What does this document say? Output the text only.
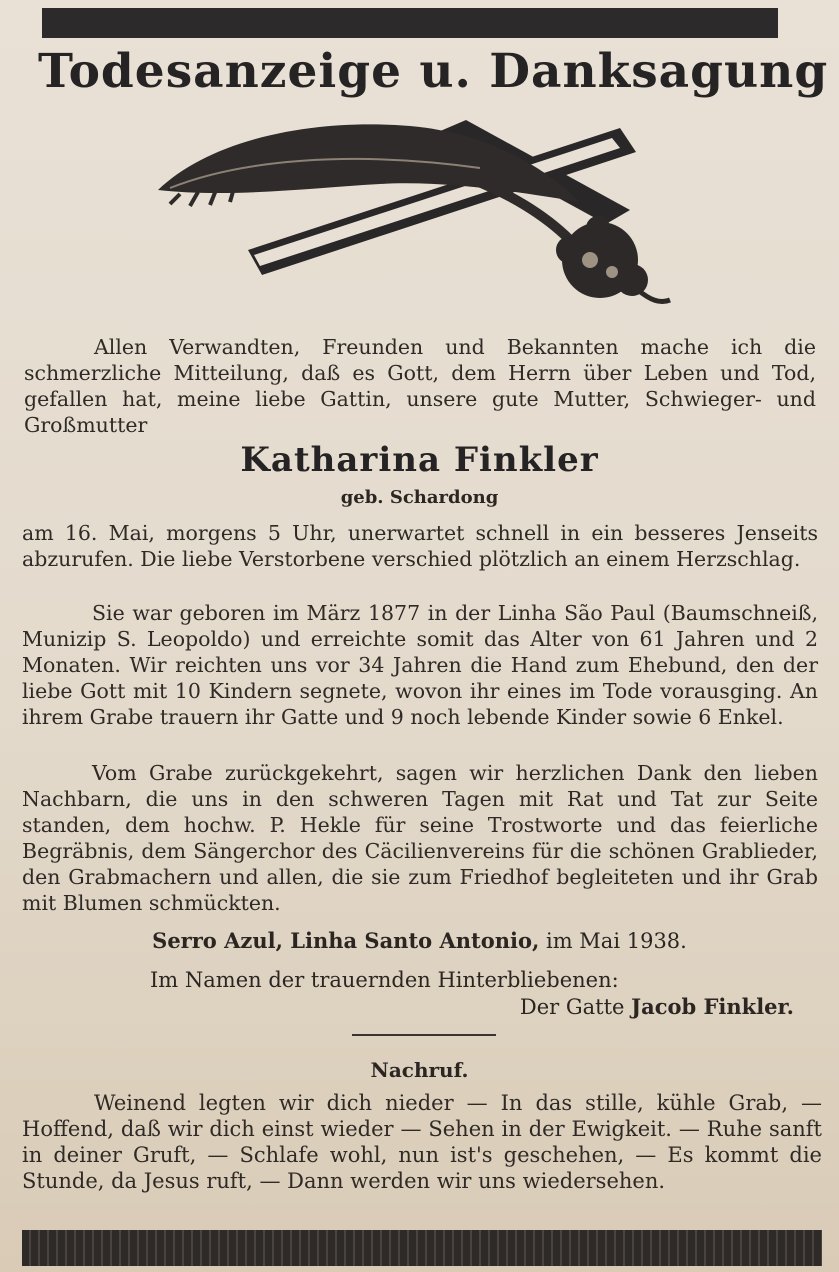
Todesanzeige u. Danksagung
Allen Verwandten, Freunden und Bekannten mache ich die schmerzliche Mitteilung, daß es Gott, dem Herrn über Leben und Tod, gefallen hat, meine liebe Gattin, unsere gute Mutter, Schwieger- und Großmutter
Katharina Finkler
geb. Schardong
am 16. Mai, morgens 5 Uhr, unerwartet schnell in ein besseres Jenseits abzurufen. Die liebe Verstorbene verschied plötzlich an einem Herzschlag.
Sie war geboren im März 1877 in der Linha São Paul (Baumschneiß, Munizip S. Leopoldo) und erreichte somit das Alter von 61 Jahren und 2 Monaten. Wir reichten uns vor 34 Jahren die Hand zum Ehebund, den der liebe Gott mit 10 Kindern segnete, wovon ihr eines im Tode vorausging. An ihrem Grabe trauern ihr Gatte und 9 noch lebende Kinder sowie 6 Enkel.
Vom Grabe zurückgekehrt, sagen wir herzlichen Dank den lieben Nachbarn, die uns in den schweren Tagen mit Rat und Tat zur Seite standen, dem hochw. P. Hekle für seine Trostworte und das feierliche Begräbnis, dem Sängerchor des Cäcilienvereins für die schönen Grablieder, den Grabmachern und allen, die sie zum Friedhof begleiteten und ihr Grab mit Blumen schmückten.
Serro Azul, Linha Santo Antonio, im Mai 1938.
Im Namen der trauernden Hinterbliebenen:
Der Gatte Jacob Finkler.
Nachruf.
Weinend legten wir dich nieder — In das stille, kühle Grab, — Hoffend, daß wir dich einst wieder — Sehen in der Ewigkeit. — Ruhe sanft in deiner Gruft, — Schlafe wohl, nun ist's geschehen, — Es kommt die Stunde, da Jesus ruft, — Dann werden wir uns wiedersehen.
